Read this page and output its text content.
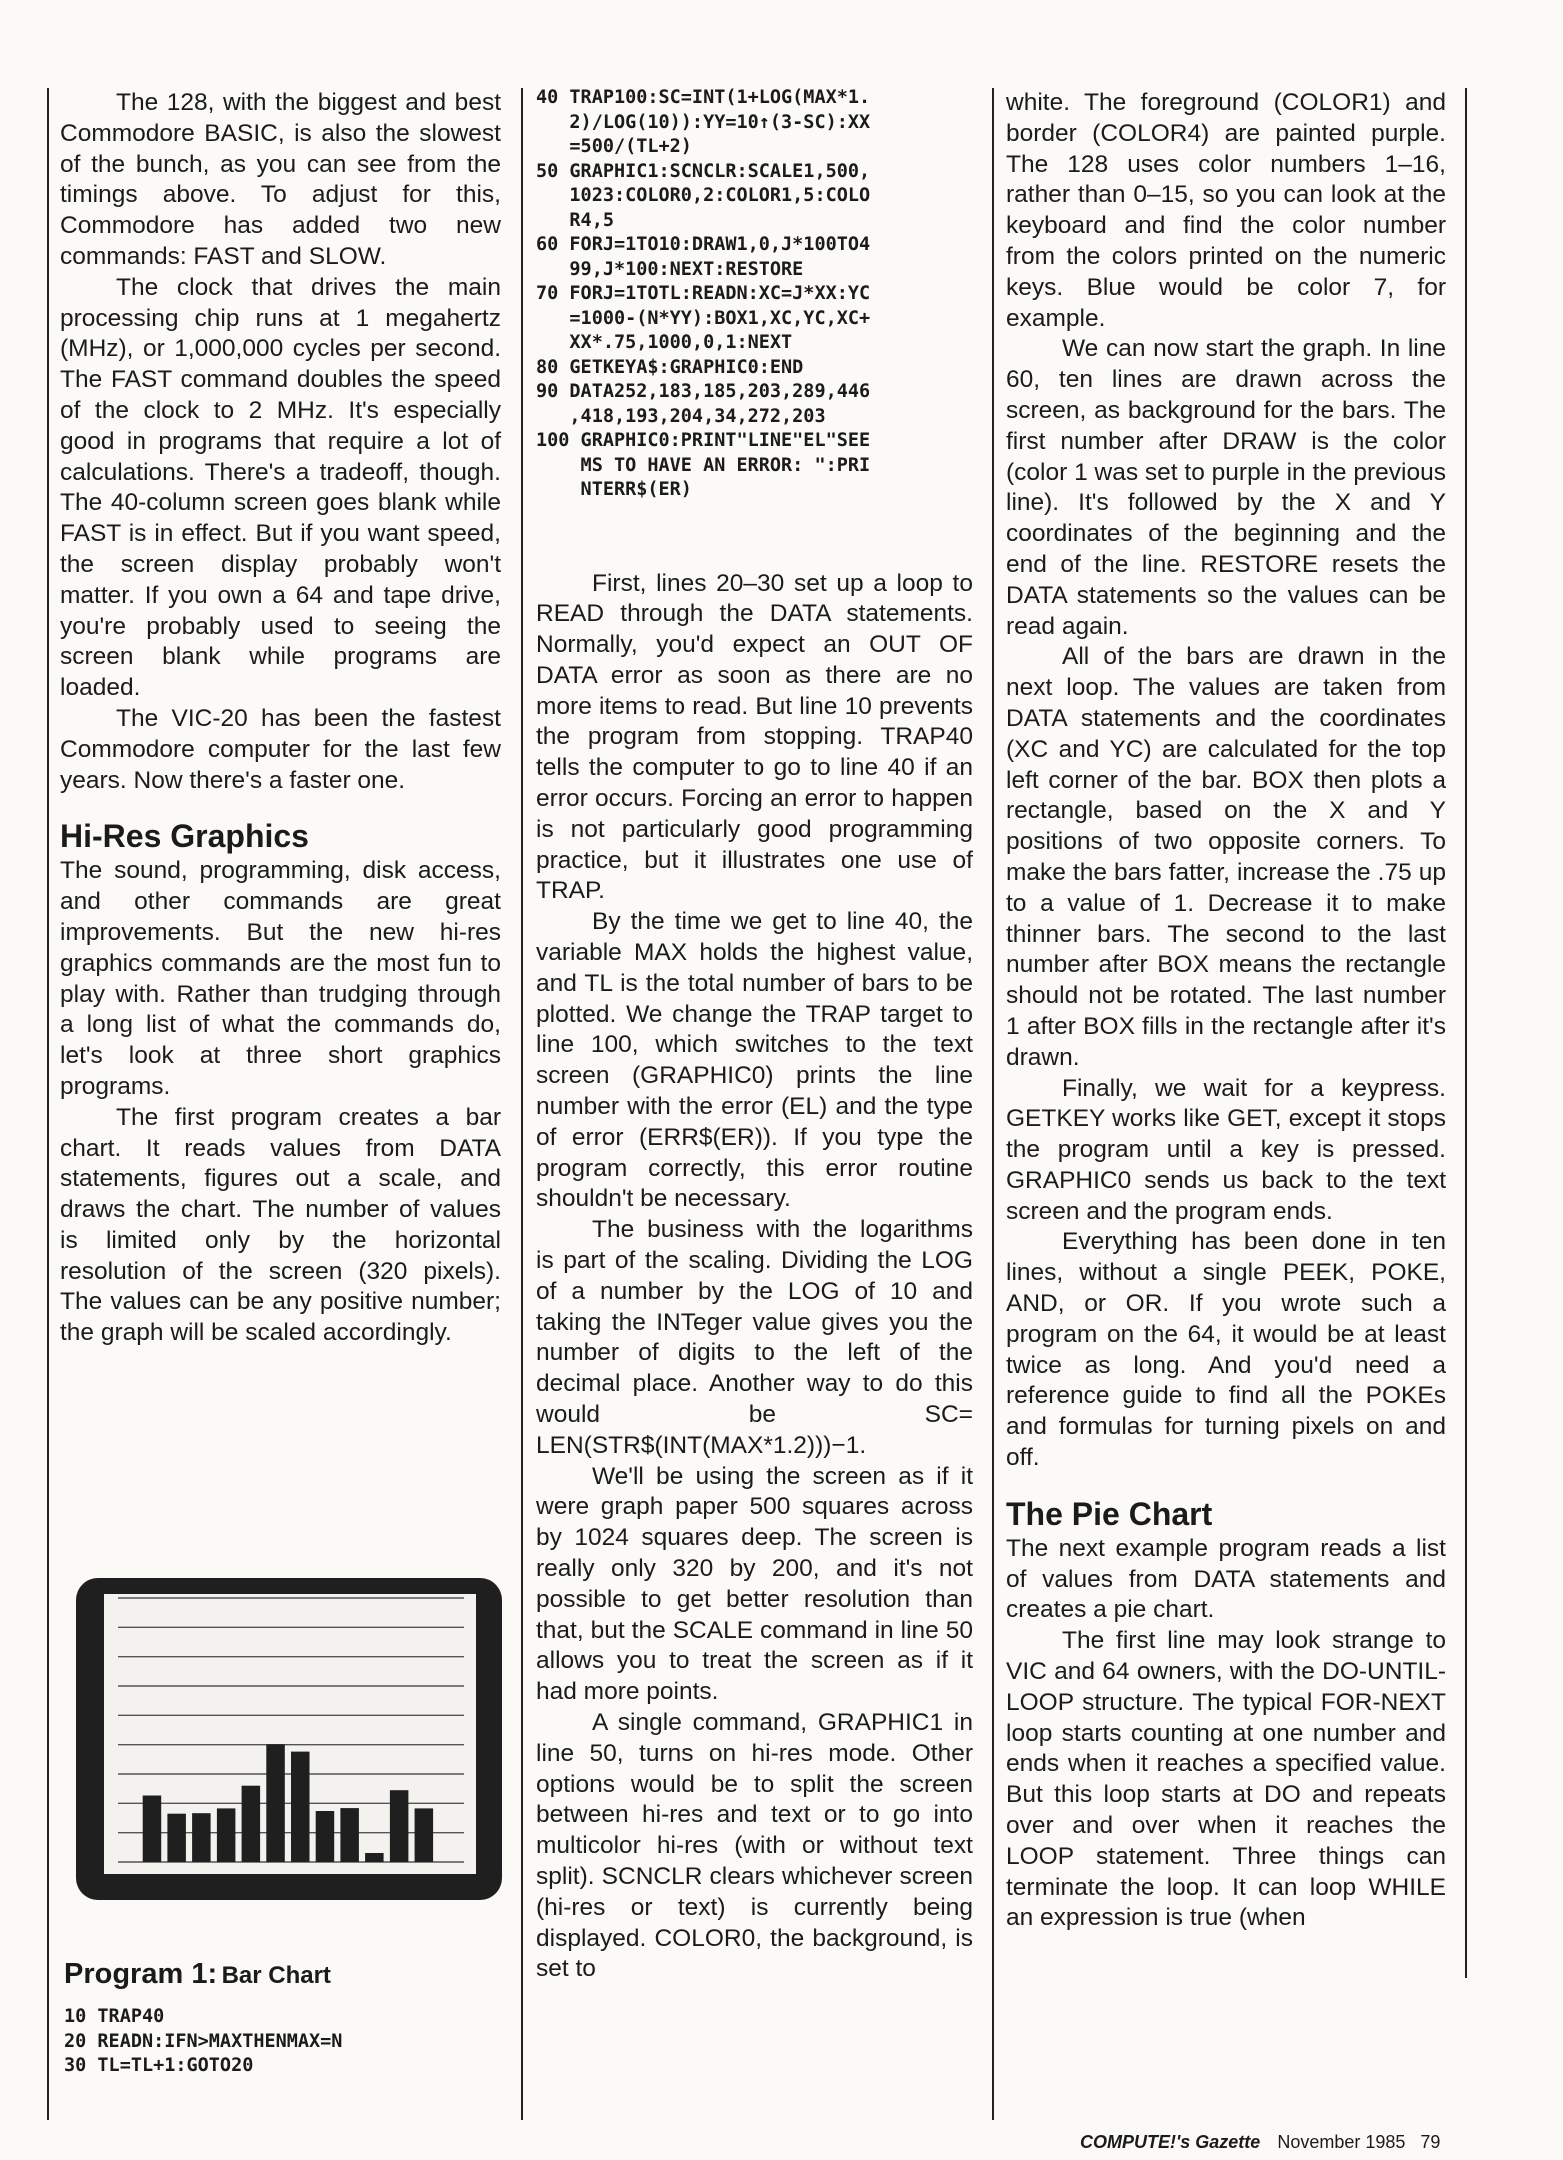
The 128, with the biggest and best Commodore BASIC, is also the slowest of the bunch, as you can see from the timings above. To adjust for this, Commodore has added two new commands: FAST and SLOW.

The clock that drives the main processing chip runs at 1 megahertz (MHz), or 1,000,000 cycles per second. The FAST command doubles the speed of the clock to 2 MHz. It's especially good in programs that require a lot of calculations. There's a tradeoff, though. The 40-column screen goes blank while FAST is in effect. But if you want speed, the screen display probably won't matter. If you own a 64 and tape drive, you're probably used to seeing the screen blank while programs are loaded.

The VIC-20 has been the fastest Commodore computer for the last few years. Now there's a faster one.

Hi-Res Graphics

The sound, programming, disk access, and other commands are great improvements. But the new hi-res graphics commands are the most fun to play with. Rather than trudging through a long list of what the commands do, let's look at three short graphics programs.

The first program creates a bar chart. It reads values from DATA statements, figures out a scale, and draws the chart. The number of values is limited only by the horizontal resolution of the screen (320 pixels). The values can be any positive number; the graph will be scaled accordingly.

Program 1: Bar Chart
10 TRAP40
20 READN:IFN>MAXTHENMAX=N
30 TL=TL+1:GOTO20
40 TRAP100:SC=INT(1+LOG(MAX*1.
2)/LOG(10)):YY=10↑(3-SC):XX
=500/(TL+2)
50 GRAPHIC1:SCNCLR:SCALE1,500,
1023:COLOR0,2:COLOR1,5:COLO
R4,5
60 FORJ=1TO10:DRAW1,0,J*100TO4
99,J*100:NEXT:RESTORE
70 FORJ=1TOTL:READN:XC=J*XX:YC
=1000-(N*YY):BOX1,XC,YC,XC+
XX*.75,1000,0,1:NEXT
80 GETKEYA$:GRAPHIC0:END
90 DATA252,183,185,203,289,446
,418,193,204,34,272,203
100 GRAPHIC0:PRINT"LINE"EL"SEE
MS TO HAVE AN ERROR: ":PRI
NTERR$(ER)

First, lines 20–30 set up a loop to READ through the DATA statements. Normally, you'd expect an OUT OF DATA error as soon as there are no more items to read. But line 10 prevents the program from stopping. TRAP40 tells the computer to go to line 40 if an error occurs. Forcing an error to happen is not particularly good programming practice, but it illustrates one use of TRAP.

By the time we get to line 40, the variable MAX holds the highest value, and TL is the total number of bars to be plotted. We change the TRAP target to line 100, which switches to the text screen (GRAPHIC0) prints the line number with the error (EL) and the type of error (ERR$(ER)). If you type the program correctly, this error routine shouldn't be necessary.

The business with the logarithms is part of the scaling. Dividing the LOG of a number by the LOG of 10 and taking the INTeger value gives you the number of digits to the left of the decimal place. Another way to do this would be SC= LEN(STR$(INT(MAX*1.2)))−1.

We'll be using the screen as if it were graph paper 500 squares across by 1024 squares deep. The screen is really only 320 by 200, and it's not possible to get better resolution than that, but the SCALE command in line 50 allows you to treat the screen as if it had more points.

A single command, GRAPHIC1 in line 50, turns on hi-res mode. Other options would be to split the screen between hi-res and text or to go into multicolor hi-res (with or without text split). SCNCLR clears whichever screen (hi-res or text) is currently being displayed. COLOR0, the background, is set to

white. The foreground (COLOR1) and border (COLOR4) are painted purple. The 128 uses color numbers 1–16, rather than 0–15, so you can look at the keyboard and find the color number from the colors printed on the numeric keys. Blue would be color 7, for example.

We can now start the graph. In line 60, ten lines are drawn across the screen, as background for the bars. The first number after DRAW is the color (color 1 was set to purple in the previous line). It's followed by the X and Y coordinates of the beginning and the end of the line. RESTORE resets the DATA statements so the values can be read again.

All of the bars are drawn in the next loop. The values are taken from DATA statements and the coordinates (XC and YC) are calculated for the top left corner of the bar. BOX then plots a rectangle, based on the X and Y positions of two opposite corners. To make the bars fatter, increase the .75 up to a value of 1. Decrease it to make thinner bars. The second to the last number after BOX means the rectangle should not be rotated. The last number 1 after BOX fills in the rectangle after it's drawn.

Finally, we wait for a keypress. GETKEY works like GET, except it stops the program until a key is pressed. GRAPHIC0 sends us back to the text screen and the program ends.

Everything has been done in ten lines, without a single PEEK, POKE, AND, or OR. If you wrote such a program on the 64, it would be at least twice as long. And you'd need a reference guide to find all the POKEs and formulas for turning pixels on and off.

The Pie Chart

The next example program reads a list of values from DATA statements and creates a pie chart.

The first line may look strange to VIC and 64 owners, with the DO-UNTIL-LOOP structure. The typical FOR-NEXT loop starts counting at one number and ends when it reaches a specified value. But this loop starts at DO and repeats over and over when it reaches the LOOP statement. Three things can terminate the loop. It can loop WHILE an expression is true (when

COMPUTE!'s Gazette November 1985 79
